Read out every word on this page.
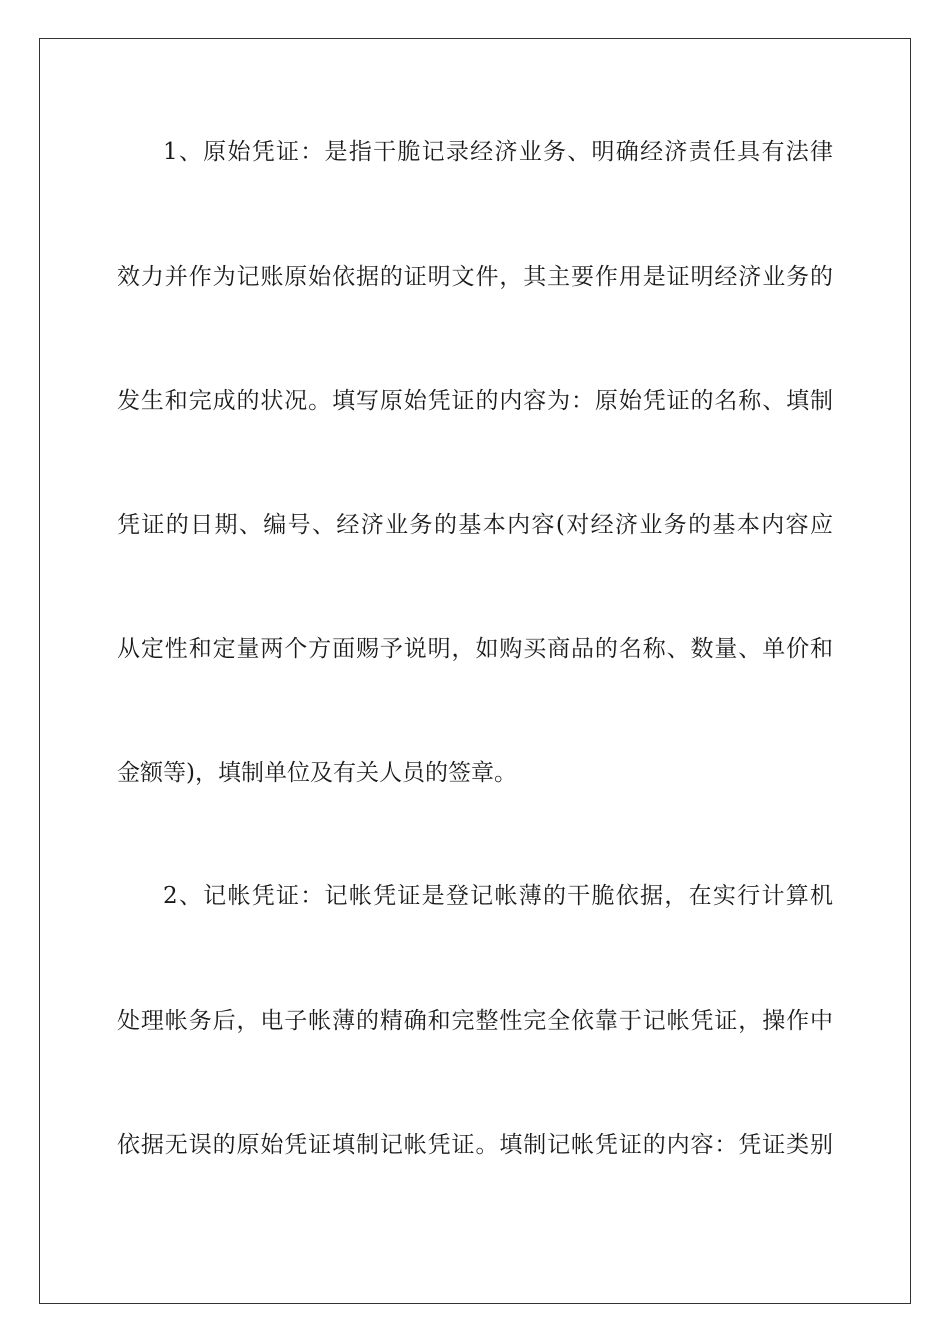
1、原始凭证：是指干脆记录经济业务、明确经济责任具有法律
效力并作为记账原始依据的证明文件，其主要作用是证明经济业务的
发生和完成的状况。填写原始凭证的内容为：原始凭证的名称、填制
凭证的日期、编号、经济业务的基本内容(对经济业务的基本内容应
从定性和定量两个方面赐予说明，如购买商品的名称、数量、单价和
金额等)，填制单位及有关人员的签章。
2、记帐凭证：记帐凭证是登记帐薄的干脆依据，在实行计算机
处理帐务后，电子帐薄的精确和完整性完全依靠于记帐凭证，操作中
依据无误的原始凭证填制记帐凭证。填制记帐凭证的内容：凭证类别
